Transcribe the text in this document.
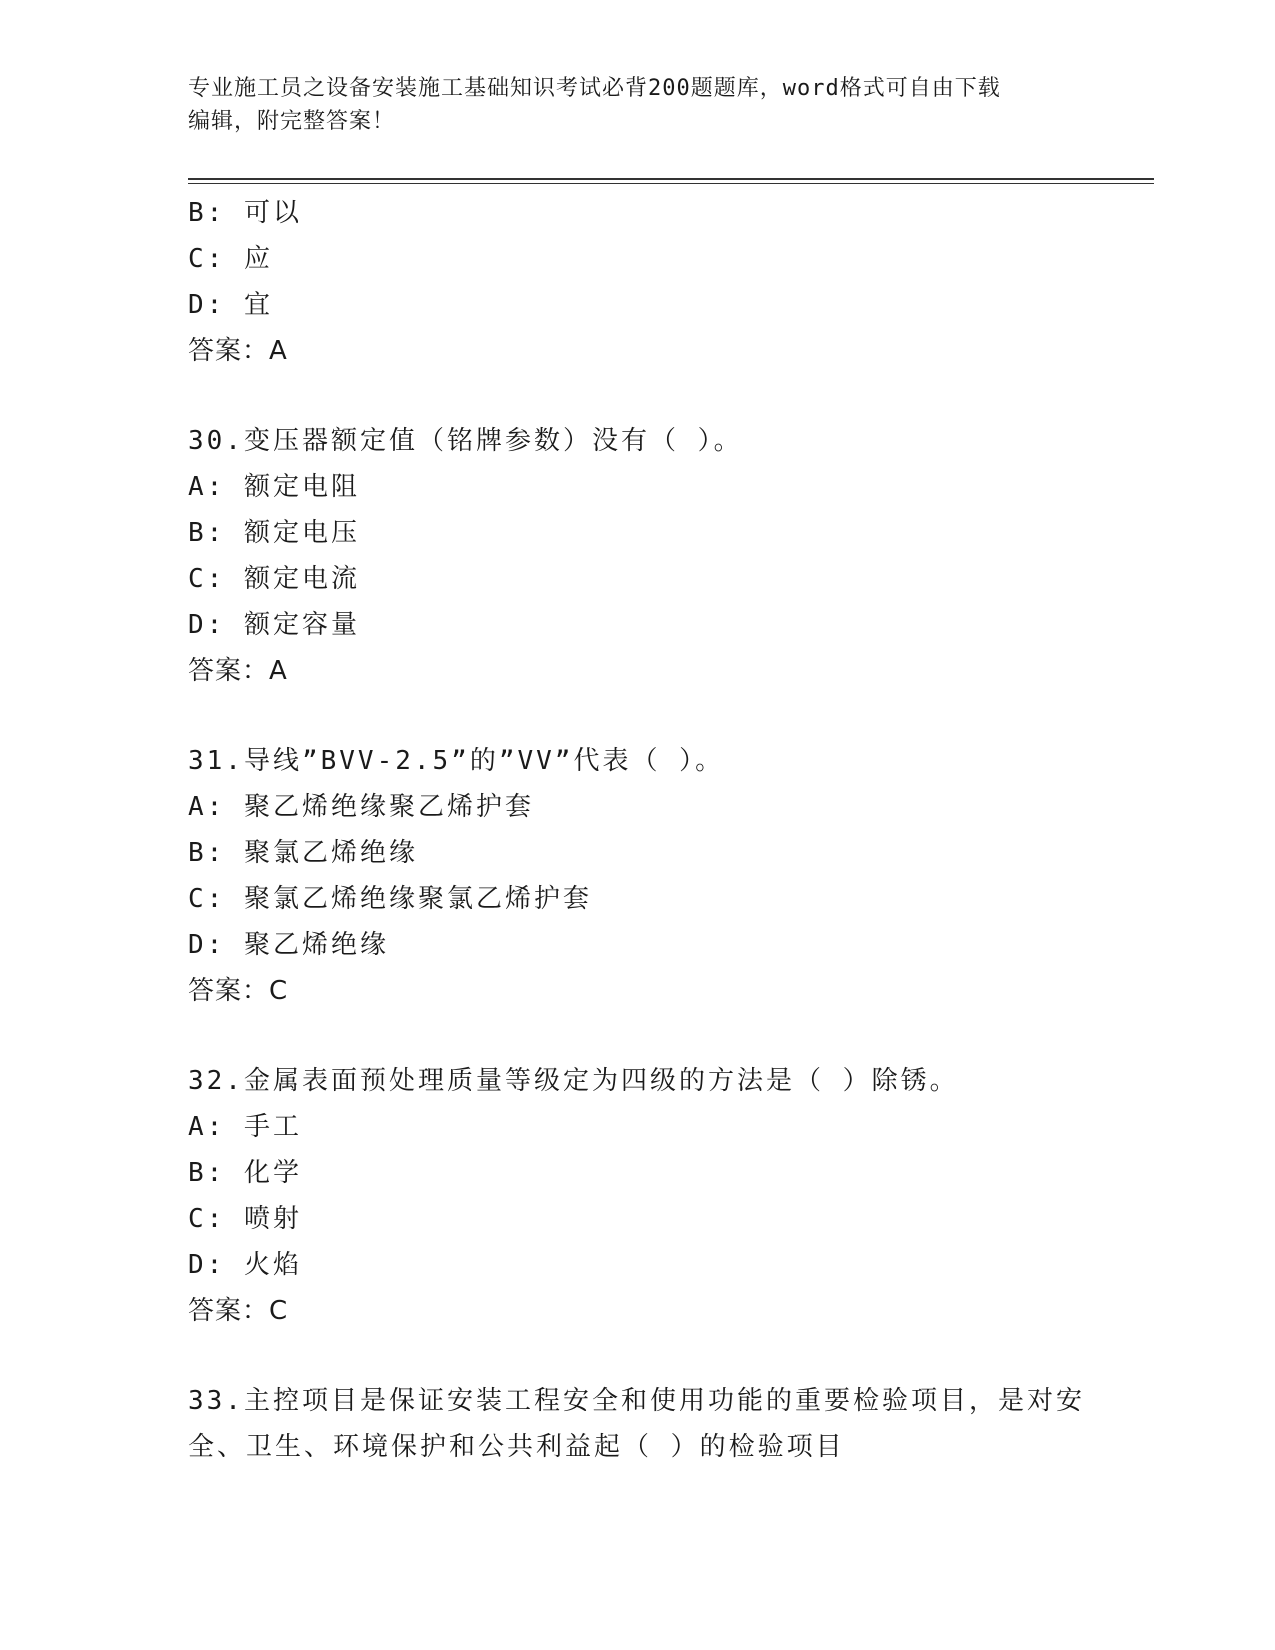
专业施工员之设备安装施工基础知识考试必背200题题库，word格式可自由下载
编辑，附完整答案！
B: 可以
C: 应
D: 宜
答案：A
30.变压器额定值（铭牌参数）没有（ ）。
A: 额定电阻
B: 额定电压
C: 额定电流
D: 额定容量
答案：A
31.导线”BVV-2.5”的”VV”代表（ ）。
A: 聚乙烯绝缘聚乙烯护套
B: 聚氯乙烯绝缘
C: 聚氯乙烯绝缘聚氯乙烯护套
D: 聚乙烯绝缘
答案：C
32.金属表面预处理质量等级定为四级的方法是（ ）除锈。
A: 手工
B: 化学
C: 喷射
D: 火焰
答案：C
33.主控项目是保证安装工程安全和使用功能的重要检验项目，是对安
全、卫生、环境保护和公共利益起（ ）的检验项目
